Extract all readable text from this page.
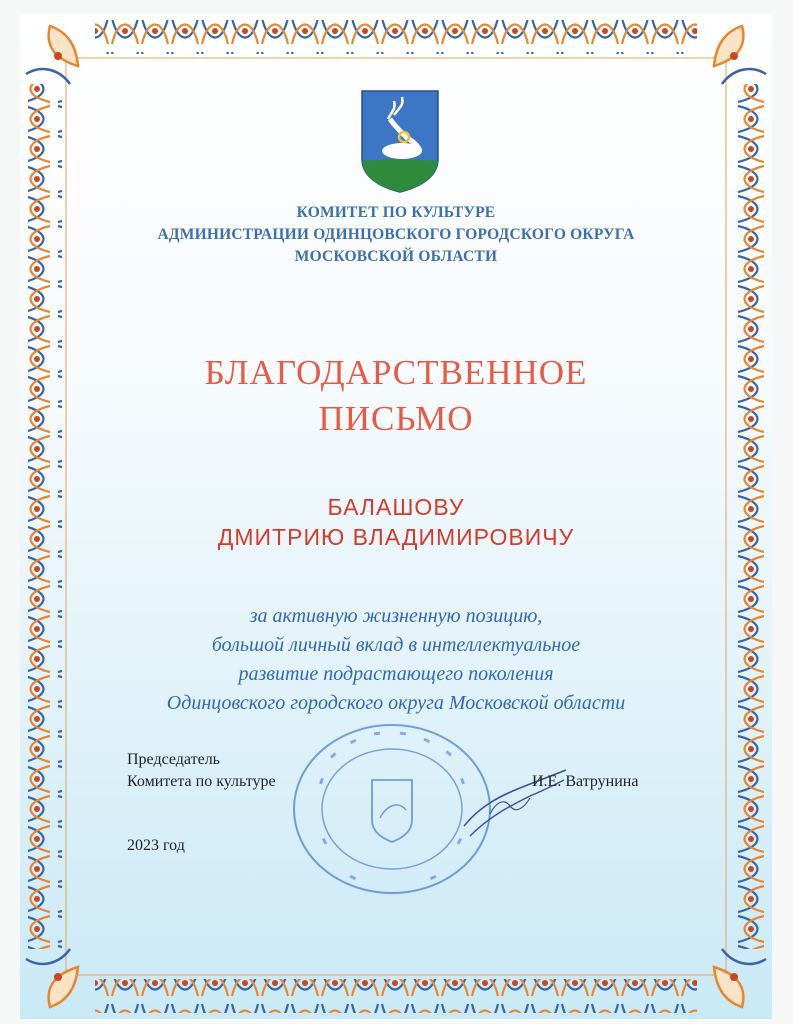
КОМИТЕТ ПО КУЛЬТУРЕ
АДМИНИСТРАЦИИ ОДИНЦОВСКОГО ГОРОДСКОГО ОКРУГА
МОСКОВСКОЙ ОБЛАСТИ
БЛАГОДАРСТВЕННОЕ
ПИСЬМО
БАЛАШОВУ
ДМИТРИЮ ВЛАДИМИРОВИЧУ
за активную жизненную позицию,
большой личный вклад в интеллектуальное
развитие подрастающего поколения
Одинцовского городского округа Московской области
Председатель
Комитета по культуре	И.Е. Ватрунина
2023 год
